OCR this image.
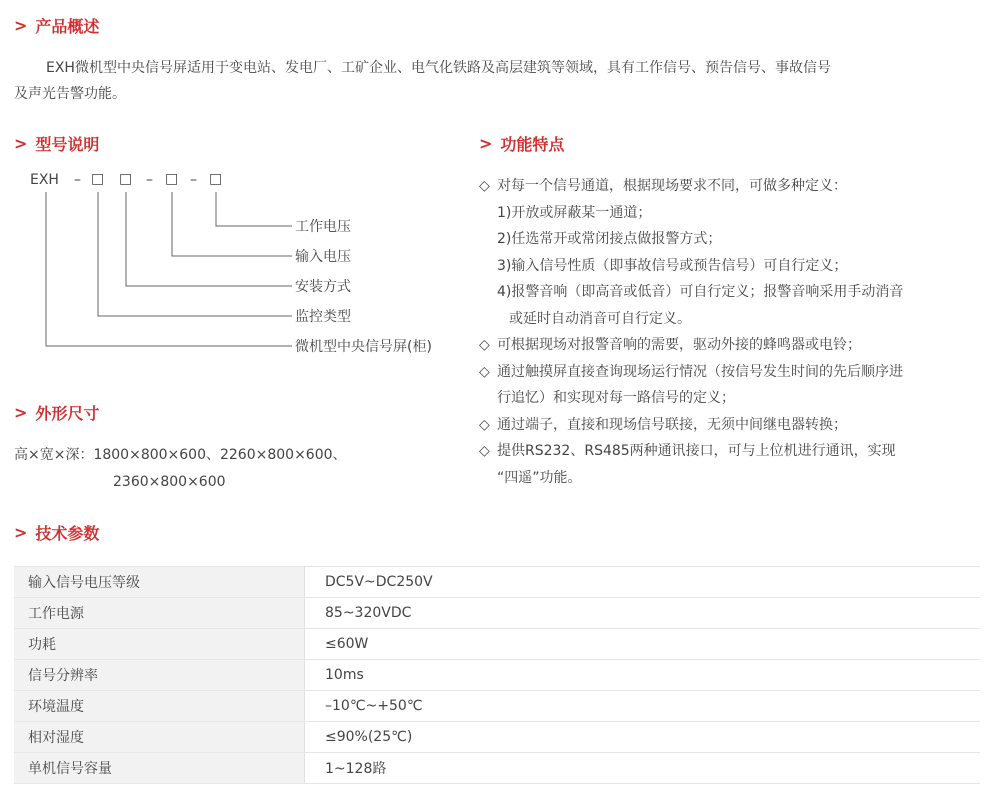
> 产品概述
EXH微机型中央信号屏适用于变电站、发电厂、工矿企业、电气化铁路及高层建筑等领域，具有工作信号、预告信号、事故信号
及声光告警功能。
> 型号说明	> 功能特点
EXH – □ □ – □ – □
工作电压
输入电压
安装方式
监控类型
微机型中央信号屏(柜)
◇ 对每一个信号通道，根据现场要求不同，可做多种定义：
1)开放或屏蔽某一通道；
2)任选常开或常闭接点做报警方式；
3)输入信号性质（即事故信号或预告信号）可自行定义；
4)报警音响（即高音或低音）可自行定义；报警音响采用手动消音
或延时自动消音可自行定义。
◇ 可根据现场对报警音响的需要，驱动外接的蜂鸣器或电铃；
◇ 通过触摸屏直接查询现场运行情况（按信号发生时间的先后顺序进
行追忆）和实现对每一路信号的定义；
◇ 通过端子，直接和现场信号联接，无须中间继电器转换；
◇ 提供RS232、RS485两种通讯接口，可与上位机进行通讯，实现
“四遥”功能。
> 外形尺寸
高×宽×深：1800×800×600、2260×800×600、
2360×800×600
> 技术参数
输入信号电压等级	DC5V~DC250V
工作电源	85~320VDC
功耗	≤60W
信号分辨率	10ms
环境温度	–10℃~+50℃
相对湿度	≤90%(25℃)
单机信号容量	1~128路
